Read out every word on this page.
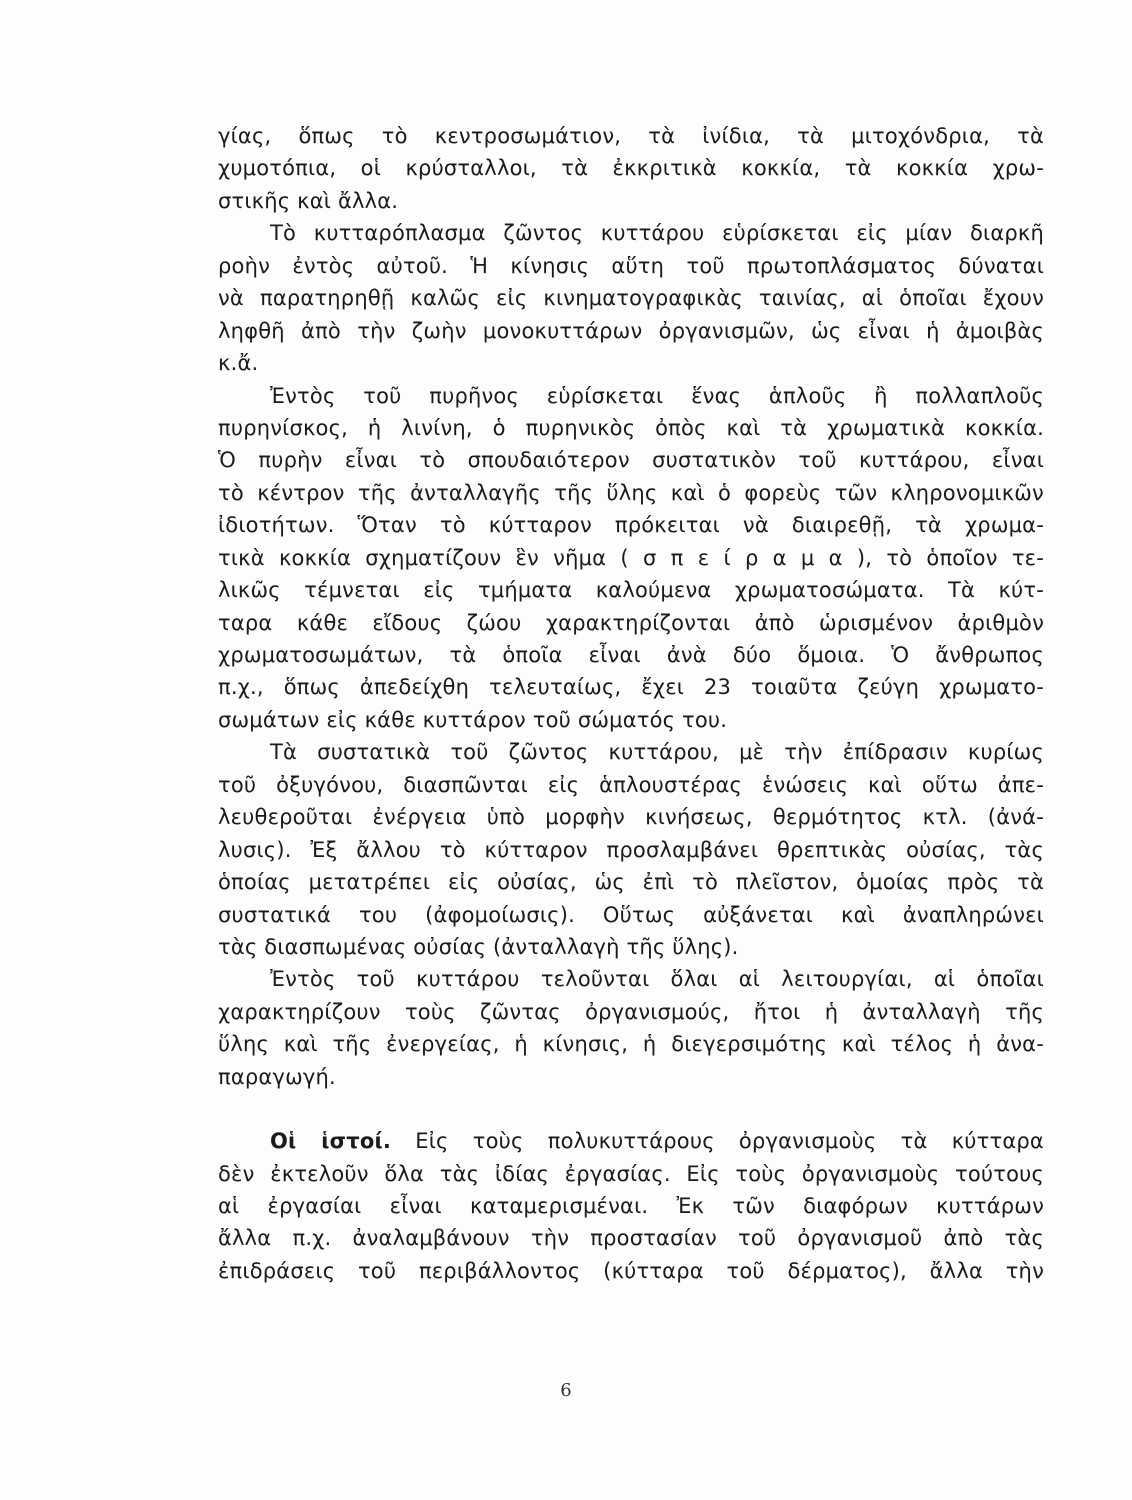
γίας, ὅπως τὸ κεντροσωμάτιον, τὰ ἰνίδια, τὰ μιτοχόνδρια, τὰ
χυμοτόπια, οἱ κρύσταλλοι, τὰ ἐκκριτικὰ κοκκία, τὰ κοκκία χρω-
στικῆς καὶ ἄλλα.
Τὸ κυτταρόπλασμα ζῶντος κυττάρου εὑρίσκεται εἰς μίαν διαρκῆ
ροὴν ἐντὸς αὐτοῦ. Ἡ κίνησις αὕτη τοῦ πρωτοπλάσματος δύναται
νὰ παρατηρηθῇ καλῶς εἰς κινηματογραφικὰς ταινίας, αἱ ὁποῖαι ἔχουν
ληφθῆ ἀπὸ τὴν ζωὴν μονοκυττάρων ὀργανισμῶν, ὡς εἶναι ἡ ἀμοιβὰς
κ.ἄ.
Ἐντὸς τοῦ πυρῆνος εὑρίσκεται ἕνας ἁπλοῦς ἢ πολλαπλοῦς
πυρηνίσκος, ἡ λινίνη, ὁ πυρηνικὸς ὀπὸς καὶ τὰ χρωματικὰ κοκκία.
Ὁ πυρὴν εἶναι τὸ σπουδαιότερον συστατικὸν τοῦ κυττάρου, εἶναι
τὸ κέντρον τῆς ἀνταλλαγῆς τῆς ὕλης καὶ ὁ φορεὺς τῶν κληρονομικῶν
ἰδιοτήτων. Ὅταν τὸ κύτταρον πρόκειται νὰ διαιρεθῇ, τὰ χρωμα-
τικὰ κοκκία σχηματίζουν ἓν νῆμα ( σ π ε ί ρ α μ α ), τὸ ὁποῖον τε-
λικῶς τέμνεται εἰς τμήματα καλούμενα χρωματοσώματα. Τὰ κύτ-
ταρα κάθε εἴδους ζώου χαρακτηρίζονται ἀπὸ ὡρισμένον ἀριθμὸν
χρωματοσωμάτων, τὰ ὁποῖα εἶναι ἀνὰ δύο ὅμοια. Ὁ ἄνθρωπος
π.χ., ὅπως ἀπεδείχθη τελευταίως, ἔχει 23 τοιαῦτα ζεύγη χρωματο-
σωμάτων εἰς κάθε κυττάρον τοῦ σώματός του.
Τὰ συστατικὰ τοῦ ζῶντος κυττάρου, μὲ τὴν ἐπίδρασιν κυρίως
τοῦ ὀξυγόνου, διασπῶνται εἰς ἁπλουστέρας ἑνώσεις καὶ οὕτω ἀπε-
λευθεροῦται ἐνέργεια ὑπὸ μορφὴν κινήσεως, θερμότητος κτλ. (ἀνά-
λυσις). Ἐξ ἄλλου τὸ κύτταρον προσλαμβάνει θρεπτικὰς οὐσίας, τὰς
ὁποίας μετατρέπει εἰς οὐσίας, ὡς ἐπὶ τὸ πλεῖστον, ὁμοίας πρὸς τὰ
συστατικά του (ἀφομοίωσις). Οὕτως αὐξάνεται καὶ ἀναπληρώνει
τὰς διασπωμένας οὐσίας (ἀνταλλαγὴ τῆς ὕλης).
Ἐντὸς τοῦ κυττάρου τελοῦνται ὅλαι αἱ λειτουργίαι, αἱ ὁποῖαι
χαρακτηρίζουν τοὺς ζῶντας ὀργανισμούς, ἤτοι ἡ ἀνταλλαγὴ τῆς
ὕλης καὶ τῆς ἐνεργείας, ἡ κίνησις, ἡ διεγερσιμότης καὶ τέλος ἡ ἀνα-
παραγωγή.
Οἱ ἱστοί. Εἰς τοὺς πολυκυττάρους ὀργανισμοὺς τὰ κύτταρα
δὲν ἐκτελοῦν ὅλα τὰς ἰδίας ἐργασίας. Εἰς τοὺς ὀργανισμοὺς τούτους
αἱ ἐργασίαι εἶναι καταμερισμέναι. Ἐκ τῶν διαφόρων κυττάρων
ἄλλα π.χ. ἀναλαμβάνουν τὴν προστασίαν τοῦ ὀργανισμοῦ ἀπὸ τὰς
ἐπιδράσεις τοῦ περιβάλλοντος (κύτταρα τοῦ δέρματος), ἄλλα τὴν
6
